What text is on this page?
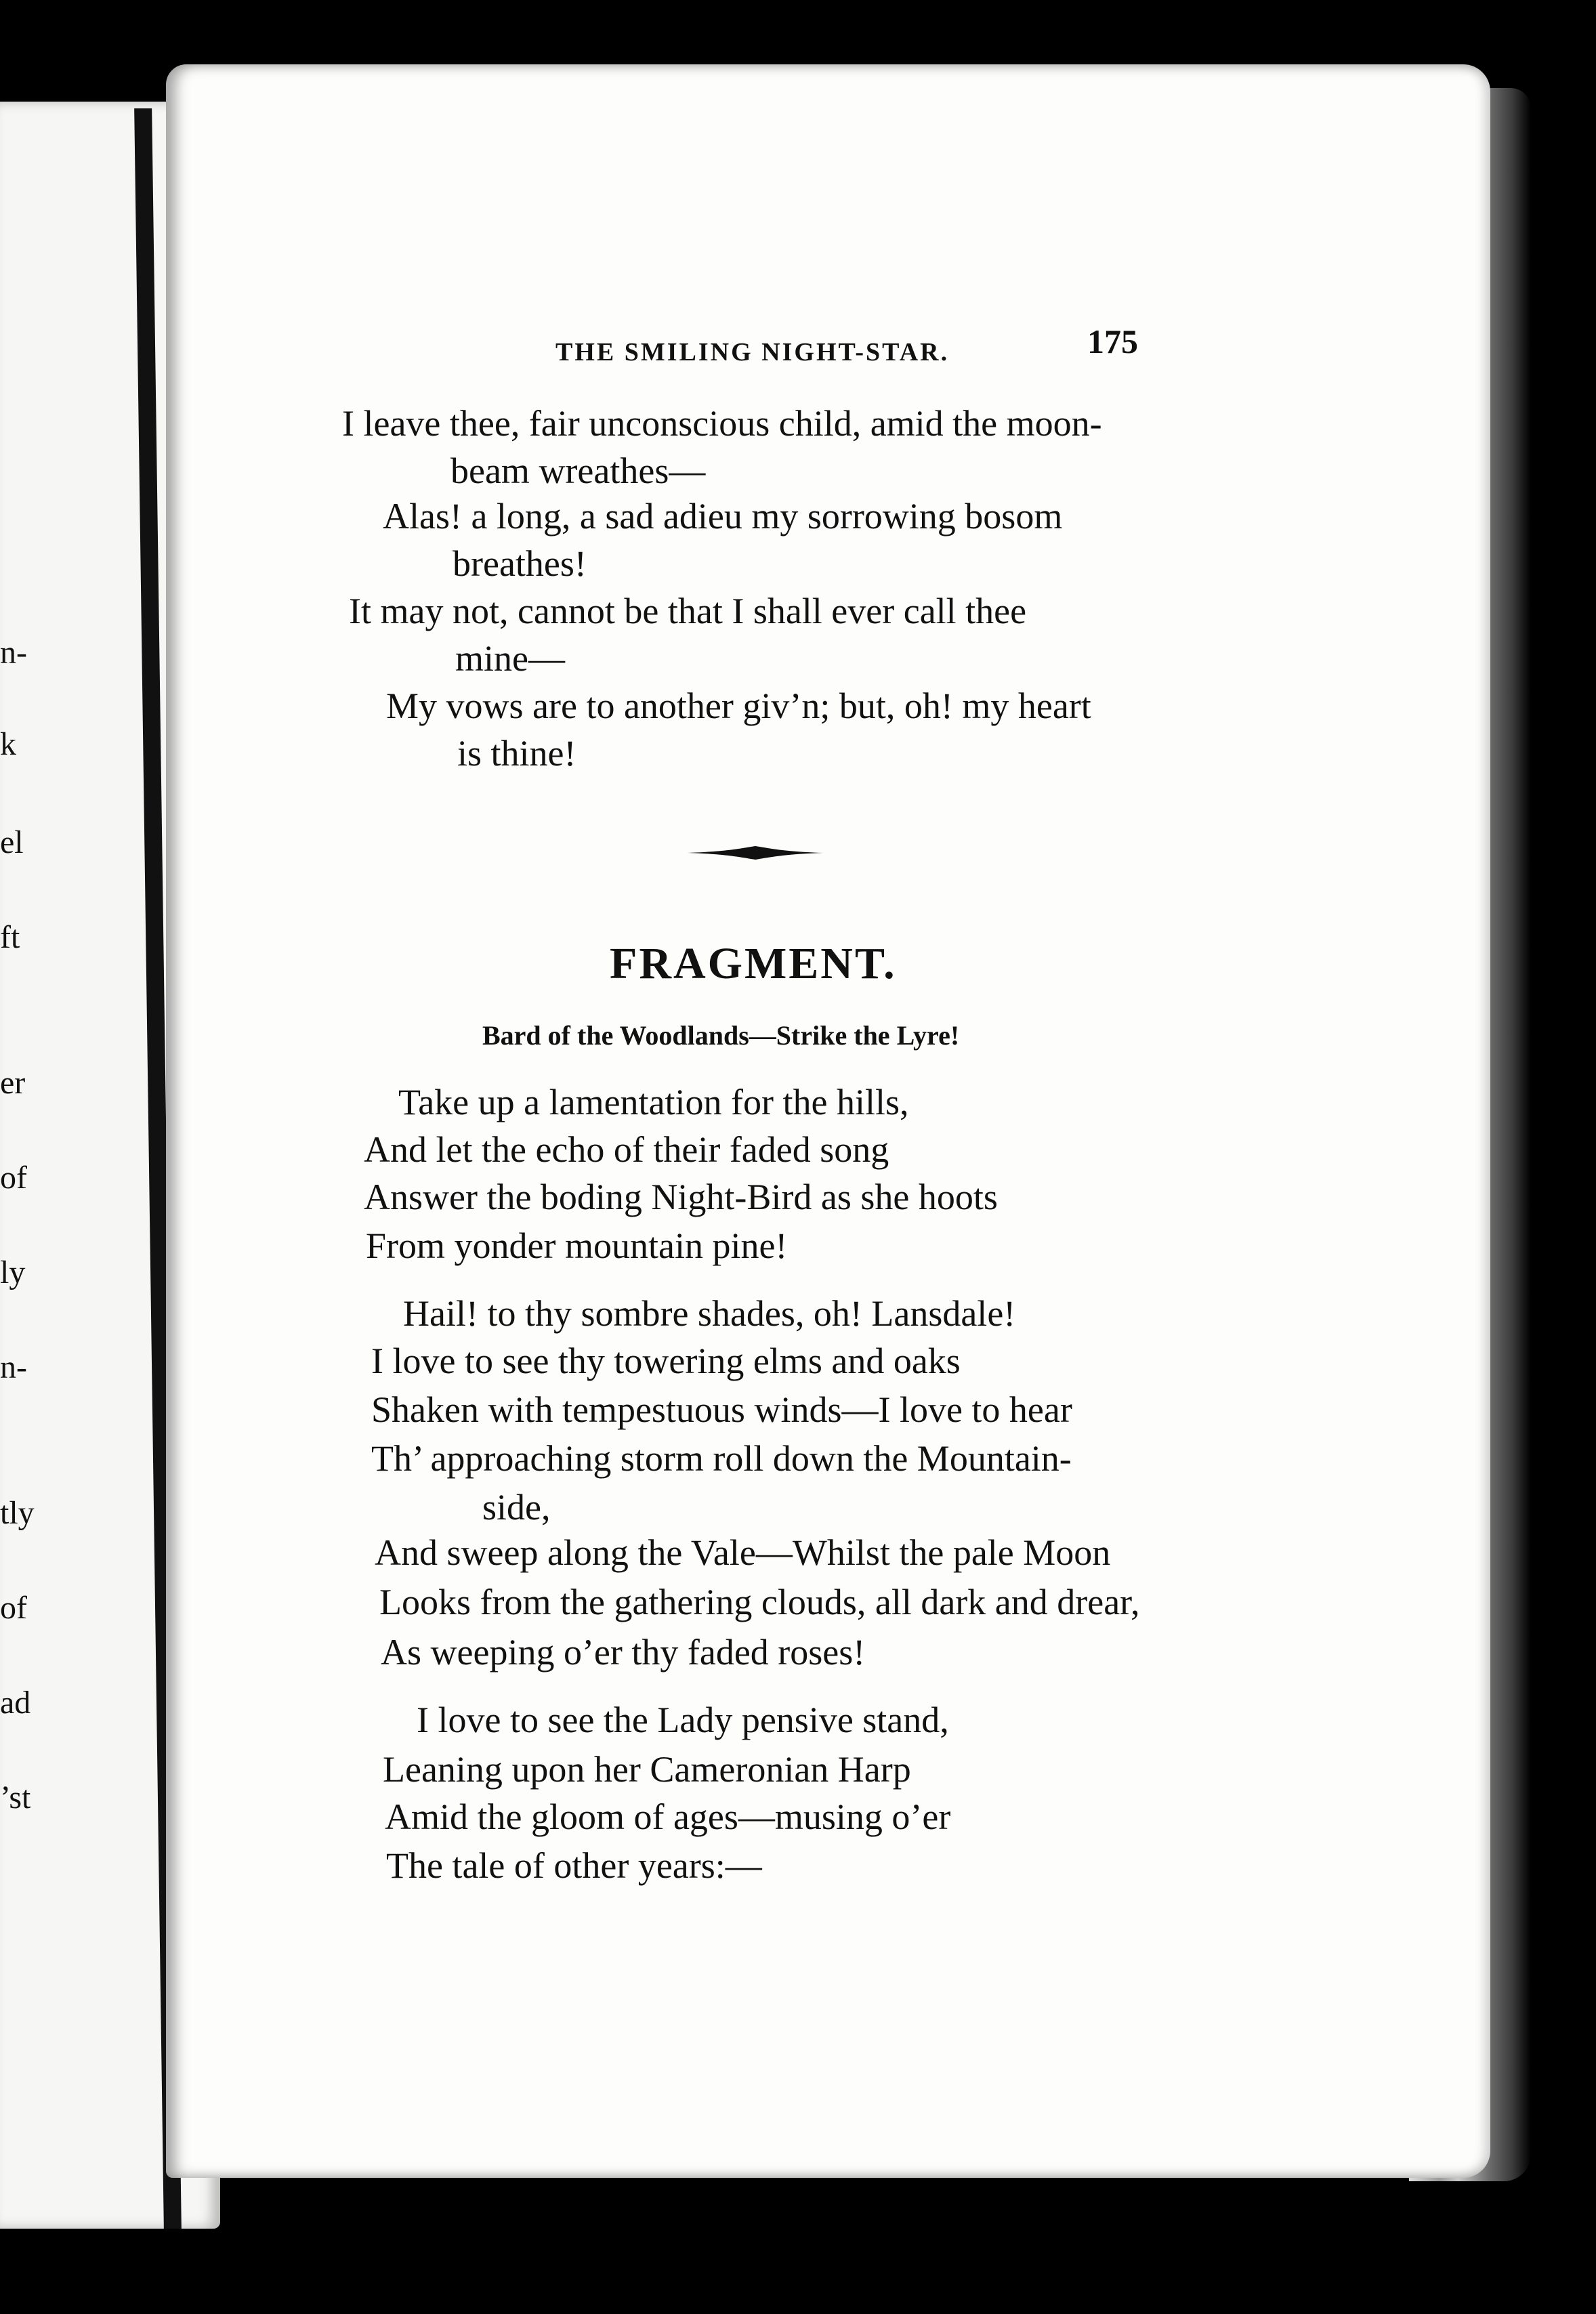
n-
k
el
ft
er
of
ly
n-
tly
of
ad
’st
THE SMILING NIGHT-STAR.	175
I leave thee, fair unconscious child, amid the moon-
beam wreathes—
Alas! a long, a sad adieu my sorrowing bosom
breathes!
It may not, cannot be that I shall ever call thee
mine—
My vows are to another giv’n; but, oh! my heart
is thine!
FRAGMENT.
Bard of the Woodlands—Strike the Lyre!
Take up a lamentation for the hills,
And let the echo of their faded song
Answer the boding Night-Bird as she hoots
From yonder mountain pine!
Hail! to thy sombre shades, oh! Lansdale!
I love to see thy towering elms and oaks
Shaken with tempestuous winds—I love to hear
Th’ approaching storm roll down the Mountain-
side,
And sweep along the Vale—Whilst the pale Moon
Looks from the gathering clouds, all dark and drear,
As weeping o’er thy faded roses!
I love to see the Lady pensive stand,
Leaning upon her Cameronian Harp
Amid the gloom of ages—musing o’er
The tale of other years:—
